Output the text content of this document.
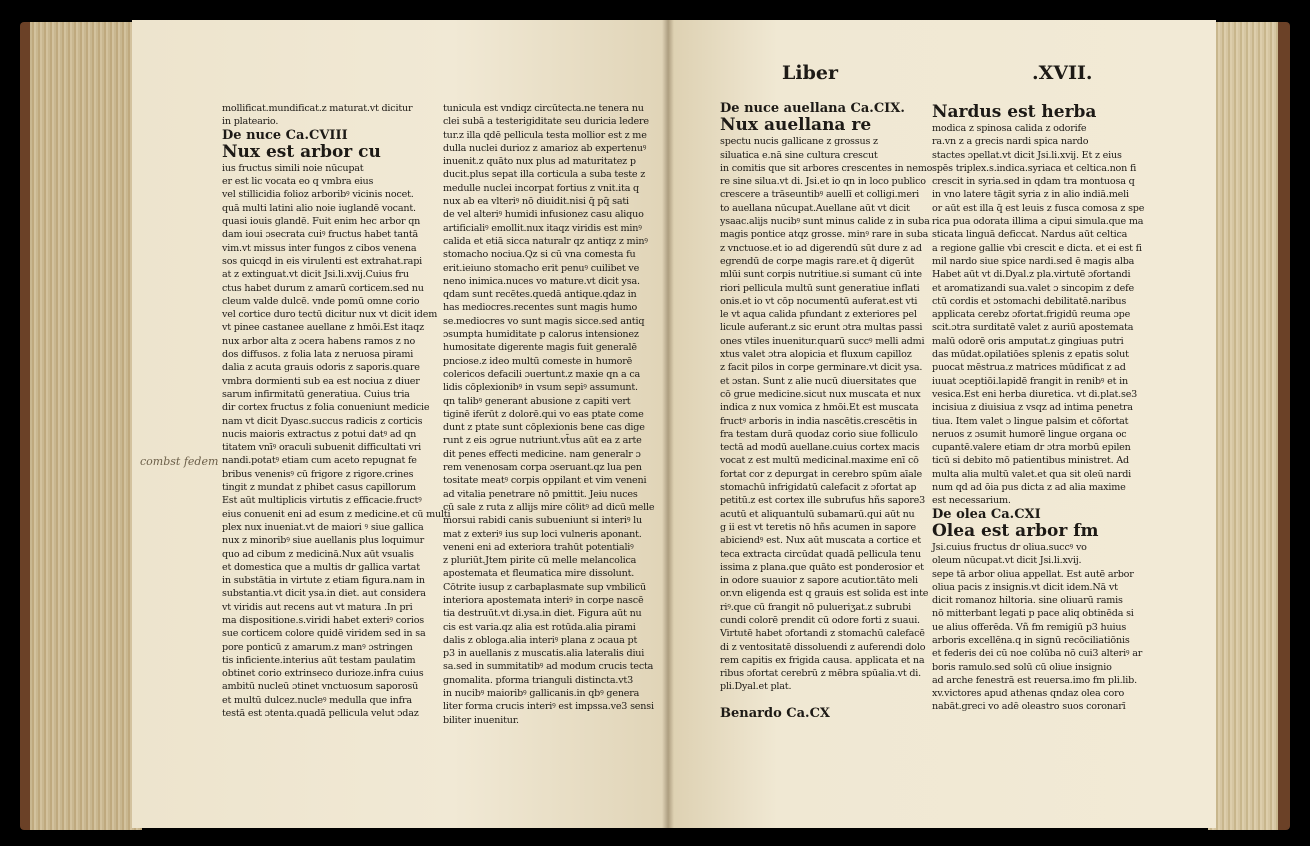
Liber	.XVII.
combst fedem
mollificat.mundificat.z maturat.vt dicitur
in plateario.
De nuce Ca.CVIII
Nux est arbor cu
ius fructus simili noie nūcupat
er est lic vocata eo q vmbra eius
vel stillicidia folioz arboribꝰ vicinis nocet.
quā multi latini alio noie iuglandē vocant.
quasi iouis glandē. Fuit enim hec arbor qn
dam ioui ɔsecrata cuiꝰ fructus habet tantā
vim.vt missus inter fungos z cibos venena
sos quicqd in eis virulenti est extrahat.rapi
at z extinguat.vt dicit Jsi.li.xvij.Cuius fru
ctus habet durum z amarū corticem.sed nu
cleum valde dulcē. vnde pomū omne corio
vel cortice duro tectū dicitur nux vt dicit idem
vt pinee castanee auellane z hmōi.Est itaqz
nux arbor alta z ɔcera habens ramos z no
dos diffusos. z folia lata z neruosa pirami
dalia z acuta grauis odoris z saporis.quare
vmbra dormienti sub ea est nociua z diuer
sarum infirmitatū generatiua. Cuius tria
dir cortex fructus z folia conueniunt medicie
nam vt dicit Dyasc.succus radicis z corticis
nucis maioris extractus z potui datꝰ ad qn
titatem vnīꝰ oraculi subuenit difficultati vri
nandi.potatꝰ etiam cum aceto repugnat fe
bribus venenisꝰ cū frigore z rigore.crines
tingit z mundat z phibet casus capillorum
Est aūt multiplicis virtutis z efficacie.fructꝰ
eius conuenit eni ad esum z medicine.et cū multi
plex nux inueniat.vt de maiori ꝰ siue gallica
nux z minoribꝰ siue auellanis plus loquimur
quo ad cibum z medicinā.Nux aūt vsualis
et domestica que a multis dr gallica vartat
in substātia in virtute z etiam figura.nam in
substantia.vt dicit ysa.in diet. aut considera
vt viridis aut recens aut vt matura .In pri
ma dispositione.s.viridi habet exteriꝰ corios
sue corticem colore quidē viridem sed in sa
pore ponticū z amarum.z manꝰ ɔstringen
tis inficiente.interius aūt testam paulatim
obtinet corio extrinseco durioze.infra cuius
ambitū nucleū ɔtinet vnctuosum saporosū
et multū dulcez.nucleꝰ medulla que infra
testā est ɔtenta.quadā pellicula velut ɔdaz
tunicula est vndiqz circūtecta.ne tenera nu
clei subā a testerigiditate seu duricia ledere
tur.z illa qdē pellicula testa mollior est z me
dulla nuclei durioz z amarioz ab expertenuꝰ
inuenit.z quāto nux plus ad maturitatez p
ducit.plus sepat illa corticula a suba teste z
medulle nuclei incorpat fortius z vnit.ita q
nux ab ea vlteriꝰ nō diuidit.nisi q̄ pq̄ sati
de vel alteriꝰ humidi infusionez casu aliquo
artificialiꝰ emollit.nux itaqz viridis est minꝰ
calida et etiā sicca naturalr qz antiqz z minꝰ
stomacho nociua.Qz si cū vna comesta fu
erit.ieiuno stomacho erit penuꝰ cuilibet ve
neno inimica.nuces vo mature.vt dicit ysa.
qdam sunt recētes.quedā antique.qdaz in
has mediocres.recentes sunt magis humo
se.mediocres vo sunt magis sicce.sed antiq
ɔsumpta humiditate p calorus intensionez
humositate digerente magis fuit generalē
pnciose.z ideo multū comeste in humorē
colericos defacili ɔuertunt.z maxie qn a ca
lidis cōplexionibꝰ in vsum sepiꝰ assumunt.
qn talibꝰ generant abusione z capiti vert
tiginē iferūt z dolorē.qui vo eas ptate come
dunt z ptate sunt cōplexionis bene cas dige
runt z eis ɔgrue nutriunt.vt̄us aūt ea z arte
dit penes effecti medicine. nam generalr ɔ
rem venenosam corpa ɔseruant.qz lua pen
tositate meatꝰ corpis oppilant et vim veneni
ad vitalia penetrare nō pmittit. Jeiu nuces
cū sale z ruta z allijs mire cōlitꝰ ad dicū melle
morsui rabidi canis subueniunt si interiꝰ lu
mat z exteriꝰ ius sup loci vulneris aponant.
veneni eni ad exteriora trahūt potentialiꝰ
z pluriūt.Jtem pirite cū melle melancolica
apostemata et fleumatica mire dissolunt.
Cōtrite iusup z carbaplasmate sup vmbilicū
interiora apostemata interiꝰ in corpe nascē
tia destruūt.vt di.ysa.in diet. Figura aūt nu
cis est varia.qz alia est rotūda.alia pirami
dalis z obloga.alia interiꝰ plana z ɔcaua pt
p3 in auellanis z muscatis.alia lateralis diui
sa.sed in summitatibꝰ ad modum crucis tecta
gnomalita. pforma trianguli distincta.vt3
in nucibꝰ maioribꝰ gallicanis.in qbꝰ genera
liter forma crucis interiꝰ est impssa.ve3 sensi
biliter inuenitur.
De nuce auellana Ca.CIX.
Nux auellana re
spectu nucis gallicane z grossus z
siluatica e.nā sine cultura crescut
in comitis que sit arbores crescentes in nemo
re sine silua.vt di. Jsi.et io qn in loco publico
crescere a trāseuntibꝰ auellī et colligi.meri
to auellana nūcupat.Auellane aūt vt dicit
ysaac.alijs nucibꝰ sunt minus calide z in suba
magis pontice atqz grosse. minꝰ rare in suba
z vnctuose.et io ad digerendū sūt dure z ad
egrendū de corpe magis rare.et q̄ digerūt
mlūi sunt corpis nutritiue.si sumant cū inte
riori pellicula multū sunt generatiue inflati
onis.et io vt cōp nocumentū auferat.est vti
le vt aqua calida pfundant z exteriores pel
licule auferant.z sic erunt ɔtra multas passi
ones vtiles inuenitur.quarū succꝰ melli admi
xtus valet ɔtra alopicia et fluxum capilloz
z facit pilos in corpe germinare.vt dicit ysa.
et ɔstan. Sunt z alie nucū diuersitates que
cō grue medicine.sicut nux muscata et nux
indica z nux vomica z hmōi.Et est muscata
fructꝰ arboris in india nascētis.crescētis in
fra testam durā quodaz corio siue folliculo
tectā ad modū auellane.cuius cortex macis
vocat z est multū medicinal.maxime enī cō
fortat cor z depurgat in cerebro spūm aīale
stomachū infrigidatū calefacit z ɔfortat ap
petitū.z est cortex ille subrufus hñs sapore3
acutū et aliquantulū subamarū.qui aūt nu
g ii est vt teretis nō hñs acumen in sapore
abiciendꝰ est. Nux aūt muscata a cortice et
teca extracta circūdat quadā pellicula tenu
issima z plana.que quāto est ponderosior et
in odore suauior z sapore acutior.tāto meli
or.vn eligenda est q grauis est solida est inte
riꝰ.que cū frangit nō pulueriʒat.z subrubi
cundi colorē prendit cū odore forti z suaui.
Virtutē habet ɔfortandi z stomachū calefacē
di z ventositatē dissoluendi z auferendi dolo
rem capitis ex frigida causa. applicata et na
ribus ɔfortat cerebrū z mēbra spūalia.vt di.
pli.Dyal.et plat.

Benardo Ca.CX
Nardus est herba
modica z spinosa calida z odorife
ra.vn z a grecis nardi spica nardo
stactes ɔpellat.vt dicit Jsi.li.xvij. Et z eius
spēs triplex.s.indica.syriaca et celtica.non fi
crescit in syria.sed in qdam tra montuosa q
in vno latere tāgit syria z in alio indiā.meli
or aūt est illa q̄ est leuis z fusca comosa z spe
rica pua odorata illima a cipui simula.que ma
sticata linguā deficcat. Nardus aūt celtica
a regione gallie vbi crescit e dicta. et ei est fi
mil nardo siue spice nardi.sed ē magis alba
Habet aūt vt di.Dyal.z pla.virtutē ɔfortandi
et aromatizandi sua.valet ɔ sincopim z defe
ctū cordis et ɔstomachi debilitatē.naribus
applicata cerebz ɔfortat.frigidū reuma ɔpe
scit.ɔtra surditatē valet z auriū apostemata
malū odorē oris amputat.z gingiuas putri
das mūdat.opilatiōes splenis z epatis solut
puocat mēstrua.z matrices mūdificat z ad
iuuat ɔceptiōi.lapidē frangit in renibꝰ et in
vesica.Est eni herba diuretica. vt di.plat.se3
incisiua z diuisiua z vsqz ad intima penetra
tiua. Item valet ɔ lingue palsim et cōfortat
neruos z ɔsumit humorē lingue organa oc
cupantē.valere etiam dr ɔtra morbū epilen
ticū si debito mō patientibus ministret. Ad
multa alia multū valet.et qua sit oleū nardi
num qd ad ōia pus dicta z ad alia maxime
est necessarium.
De olea Ca.CXI
Olea est arbor fm
Jsi.cuius fructus dr oliua.succꝰ vo
oleum nūcupat.vt dicit Jsi.li.xvij.
sepe tā arbor oliua appellat. Est autē arbor
oliua pacis z insignis.vt dicit idem.Nā vt
dicit romanoz hiltoria. sine oliuarū ramis
nō mitterbant legati p pace aliq obtinēda si
ue alius offerēda. Vñ fm remigiū p3 huius
arboris excellēna.q in signū recōciliatiōnis
et federis dei cū noe colūba nō cui3 alteriꝰ ar
boris ramulo.sed solū cū oliue insignio
ad arche fenestrā est reuersa.imo fm pli.lib.
xv.victores apud athenas qndaz olea coro
nabāt.greci vo adē oleastro suos coronarī
